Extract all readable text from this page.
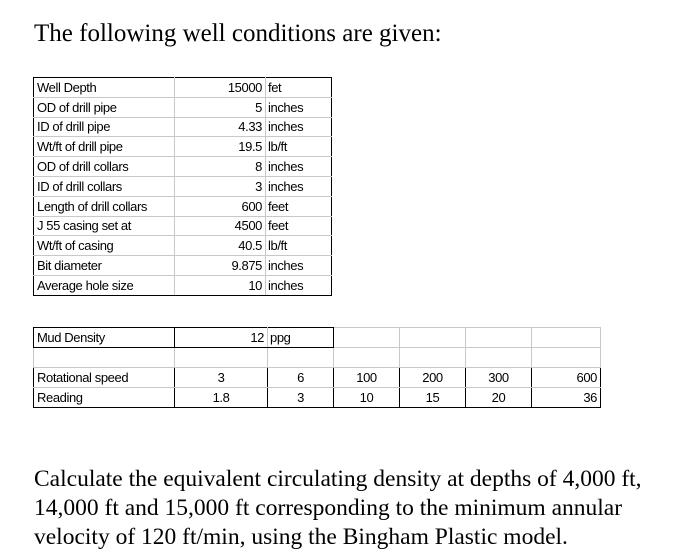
The following well conditions are given:
Well Depth	15000	fet
OD of drill pipe	5	inches
ID of drill pipe	4.33	inches
Wt/ft of drill pipe	19.5	lb/ft
OD of drill collars	8	inches
ID of drill collars	3	inches
Length of drill collars	600	feet
J 55 casing set at	4500	feet
Wt/ft of casing	40.5	lb/ft
Bit diameter	9.875	inches
Average hole size	10	inches
Mud Density	12	ppg				

Rotational speed	3	6	100	200	300	600
Reading	1.8	3	10	15	20	36
Calculate the equivalent circulating density at depths of 4,000 ft,
14,000 ft and 15,000 ft corresponding to the minimum annular
velocity of 120 ft/min, using the Bingham Plastic model.
